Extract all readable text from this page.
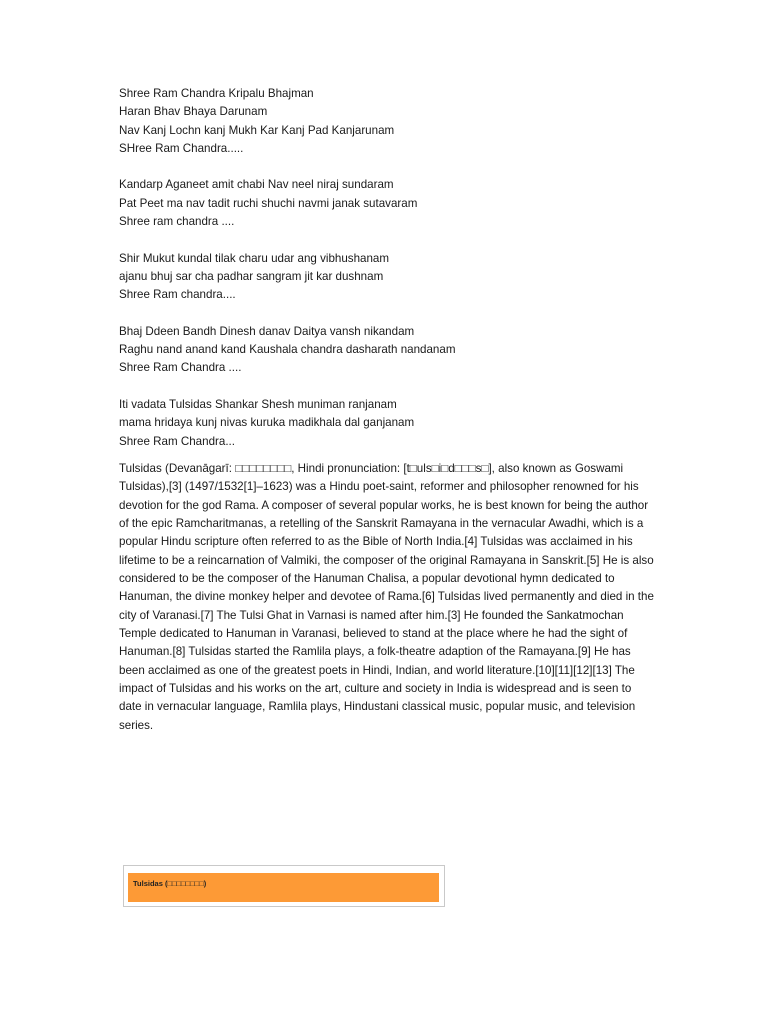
Shree Ram Chandra Kripalu Bhajman
Haran Bhav Bhaya Darunam
Nav Kanj Lochn kanj Mukh Kar Kanj Pad Kanjarunam
SHree Ram Chandra.....
Kandarp Aganeet amit chabi Nav neel niraj sundaram
Pat Peet ma nav tadit ruchi shuchi navmi janak sutavaram
Shree ram chandra ....
Shir Mukut kundal tilak charu udar ang vibhushanam
ajanu bhuj sar cha padhar sangram jit kar dushnam
Shree Ram chandra....
Bhaj Ddeen Bandh Dinesh danav Daitya vansh nikandam
Raghu nand anand kand Kaushala chandra dasharath nandanam
Shree Ram Chandra ....
Iti vadata Tulsidas Shankar Shesh muniman ranjanam
mama hridaya kunj nivas kuruka madikhala dal ganjanam
Shree Ram Chandra...

Tulsidas (Devanāgarī: □□□□□□□□, Hindi pronunciation: [t□uls□i□d□□□s□], also known as Goswami Tulsidas),[3] (1497/1532[1]–1623) was a Hindu poet-saint, reformer and philosopher renowned for his devotion for the god Rama. A composer of several popular works, he is best known for being the author of the epic Ramcharitmanas, a retelling of the Sanskrit Ramayana in the vernacular Awadhi, which is a popular Hindu scripture often referred to as the Bible of North India.[4] Tulsidas was acclaimed in his lifetime to be a reincarnation of Valmiki, the composer of the original Ramayana in Sanskrit.[5] He is also considered to be the composer of the Hanuman Chalisa, a popular devotional hymn dedicated to Hanuman, the divine monkey helper and devotee of Rama.[6] Tulsidas lived permanently and died in the city of Varanasi.[7] The Tulsi Ghat in Varnasi is named after him.[3] He founded the Sankatmochan Temple dedicated to Hanuman in Varanasi, believed to stand at the place where he had the sight of Hanuman.[8] Tulsidas started the Ramlila plays, a folk-theatre adaption of the Ramayana.[9] He has been acclaimed as one of the greatest poets in Hindi, Indian, and world literature.[10][11][12][13] The impact of Tulsidas and his works on the art, culture and society in India is widespread and is seen to date in vernacular language, Ramlila plays, Hindustani classical music, popular music, and television series.

Tulsidas (□□□□□□□□)
